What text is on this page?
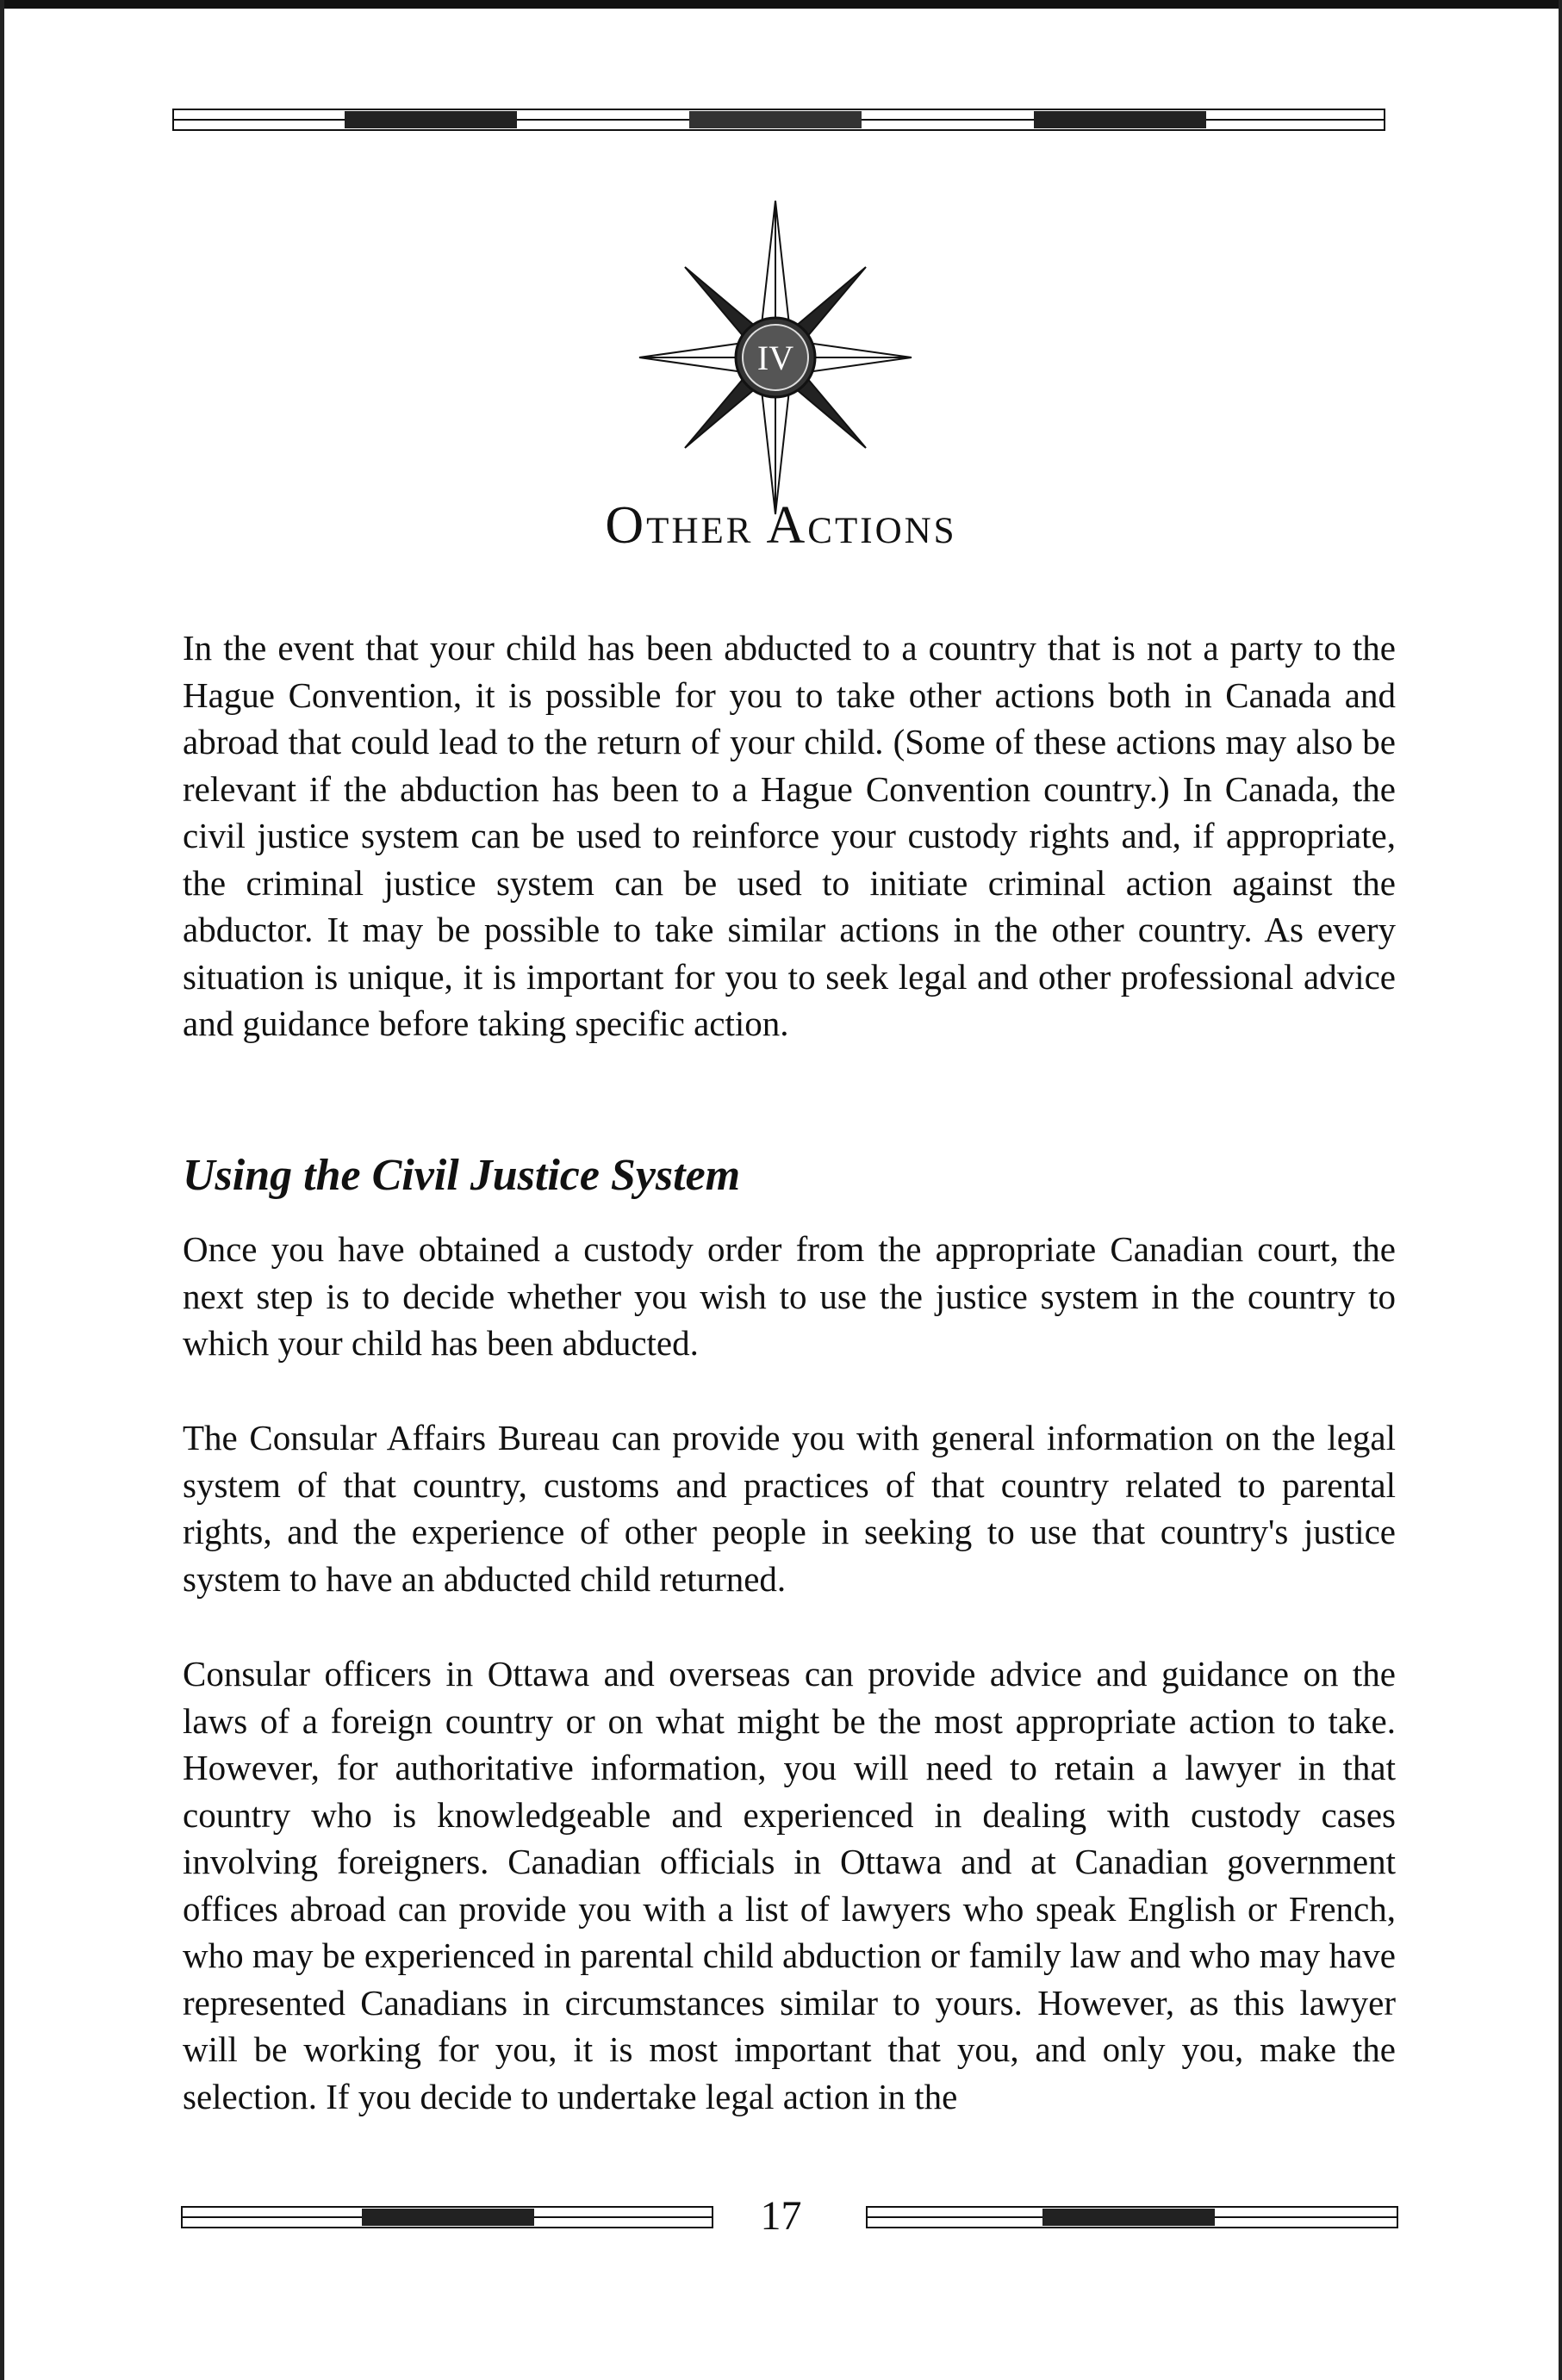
IV
Other Actions

In the event that your child has been abducted to a country that is not a party to the Hague Convention, it is possible for you to take other actions both in Canada and abroad that could lead to the return of your child. (Some of these actions may also be relevant if the abduction has been to a Hague Convention country.) In Canada, the civil justice system can be used to reinforce your custody rights and, if appropriate, the criminal justice system can be used to initiate criminal action against the abductor. It may be possible to take similar actions in the other country. As every situation is unique, it is important for you to seek legal and other professional advice and guidance before taking specific action.

Using the Civil Justice System

Once you have obtained a custody order from the appropriate Canadian court, the next step is to decide whether you wish to use the justice system in the country to which your child has been abducted.

The Consular Affairs Bureau can provide you with general information on the legal system of that country, customs and practices of that country related to parental rights, and the experience of other people in seeking to use that country's justice system to have an abducted child returned.

Consular officers in Ottawa and overseas can provide advice and guidance on the laws of a foreign country or on what might be the most appropriate action to take. However, for authoritative information, you will need to retain a lawyer in that country who is knowledgeable and experienced in dealing with custody cases involving foreigners. Canadian officials in Ottawa and at Canadian government offices abroad can provide you with a list of lawyers who speak English or French, who may be experienced in parental child abduction or family law and who may have represented Canadians in circumstances similar to yours. However, as this lawyer will be working for you, it is most important that you, and only you, make the selection. If you decide to undertake legal action in the

17
